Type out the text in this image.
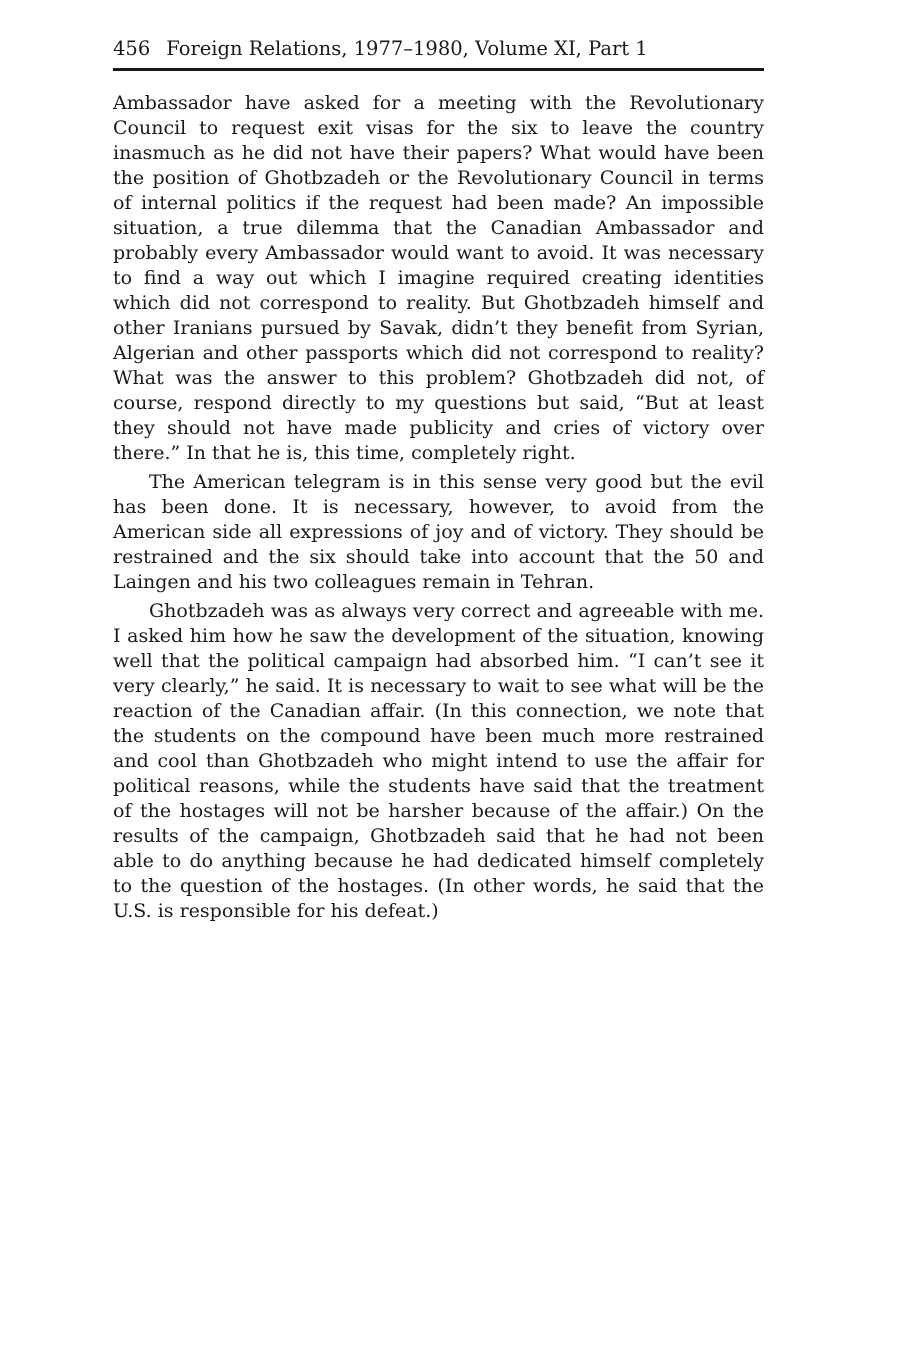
456 Foreign Relations, 1977–1980, Volume XI, Part 1

Ambassador have asked for a meeting with the Revolutionary Council to request exit visas for the six to leave the country inasmuch as he did not have their papers? What would have been the position of Ghotbzadeh or the Revolutionary Council in terms of internal politics if the request had been made? An impossible situation, a true dilemma that the Canadian Ambassador and probably every Ambassador would want to avoid. It was necessary to find a way out which I imagine required creating identities which did not correspond to reality. But Ghotbzadeh himself and other Iranians pursued by Savak, didn’t they benefit from Syrian, Algerian and other passports which did not correspond to reality? What was the answer to this problem? Ghotbzadeh did not, of course, respond directly to my questions but said, “But at least they should not have made publicity and cries of victory over there.” In that he is, this time, completely right.

The American telegram is in this sense very good but the evil has been done. It is necessary, however, to avoid from the American side all expressions of joy and of victory. They should be restrained and the six should take into account that the 50 and Laingen and his two colleagues remain in Tehran.

Ghotbzadeh was as always very correct and agreeable with me. I asked him how he saw the development of the situation, knowing well that the political campaign had absorbed him. “I can’t see it very clearly,” he said. It is necessary to wait to see what will be the reaction of the Canadian affair. (In this connection, we note that the students on the compound have been much more restrained and cool than Ghotbzadeh who might intend to use the affair for political reasons, while the students have said that the treatment of the hostages will not be harsher because of the affair.) On the results of the campaign, Ghotbzadeh said that he had not been able to do anything because he had dedicated himself completely to the question of the hostages. (In other words, he said that the U.S. is responsible for his defeat.)
